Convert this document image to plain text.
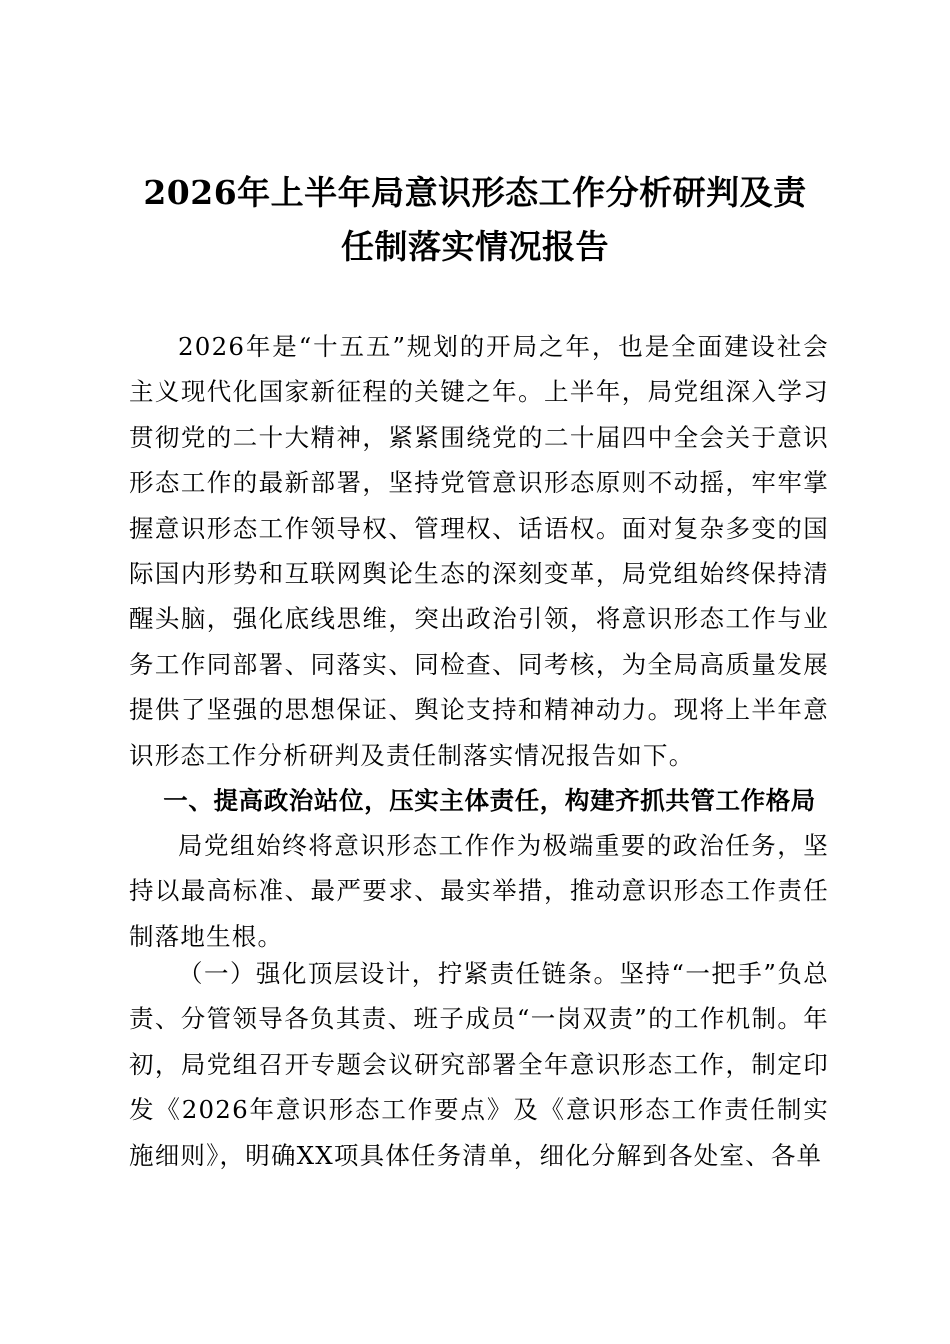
2026年上半年局意识形态工作分析研判及责
任制落实情况报告

2026年是“十五五”规划的开局之年，也是全面建设社会主义现代化国家新征程的关键之年。上半年，局党组深入学习贯彻党的二十大精神，紧紧围绕党的二十届四中全会关于意识形态工作的最新部署，坚持党管意识形态原则不动摇，牢牢掌握意识形态工作领导权、管理权、话语权。面对复杂多变的国际国内形势和互联网舆论生态的深刻变革，局党组始终保持清醒头脑，强化底线思维，突出政治引领，将意识形态工作与业务工作同部署、同落实、同检查、同考核，为全局高质量发展提供了坚强的思想保证、舆论支持和精神动力。现将上半年意识形态工作分析研判及责任制落实情况报告如下。

一、提高政治站位，压实主体责任，构建齐抓共管工作格局

局党组始终将意识形态工作作为极端重要的政治任务，坚持以最高标准、最严要求、最实举措，推动意识形态工作责任制落地生根。

（一）强化顶层设计，拧紧责任链条。坚持“一把手”负总责、分管领导各负其责、班子成员“一岗双责”的工作机制。年初，局党组召开专题会议研究部署全年意识形态工作，制定印发《2026年意识形态工作要点》及《意识形态工作责任制实施细则》，明确XX项具体任务清单，细化分解到各处室、各单
